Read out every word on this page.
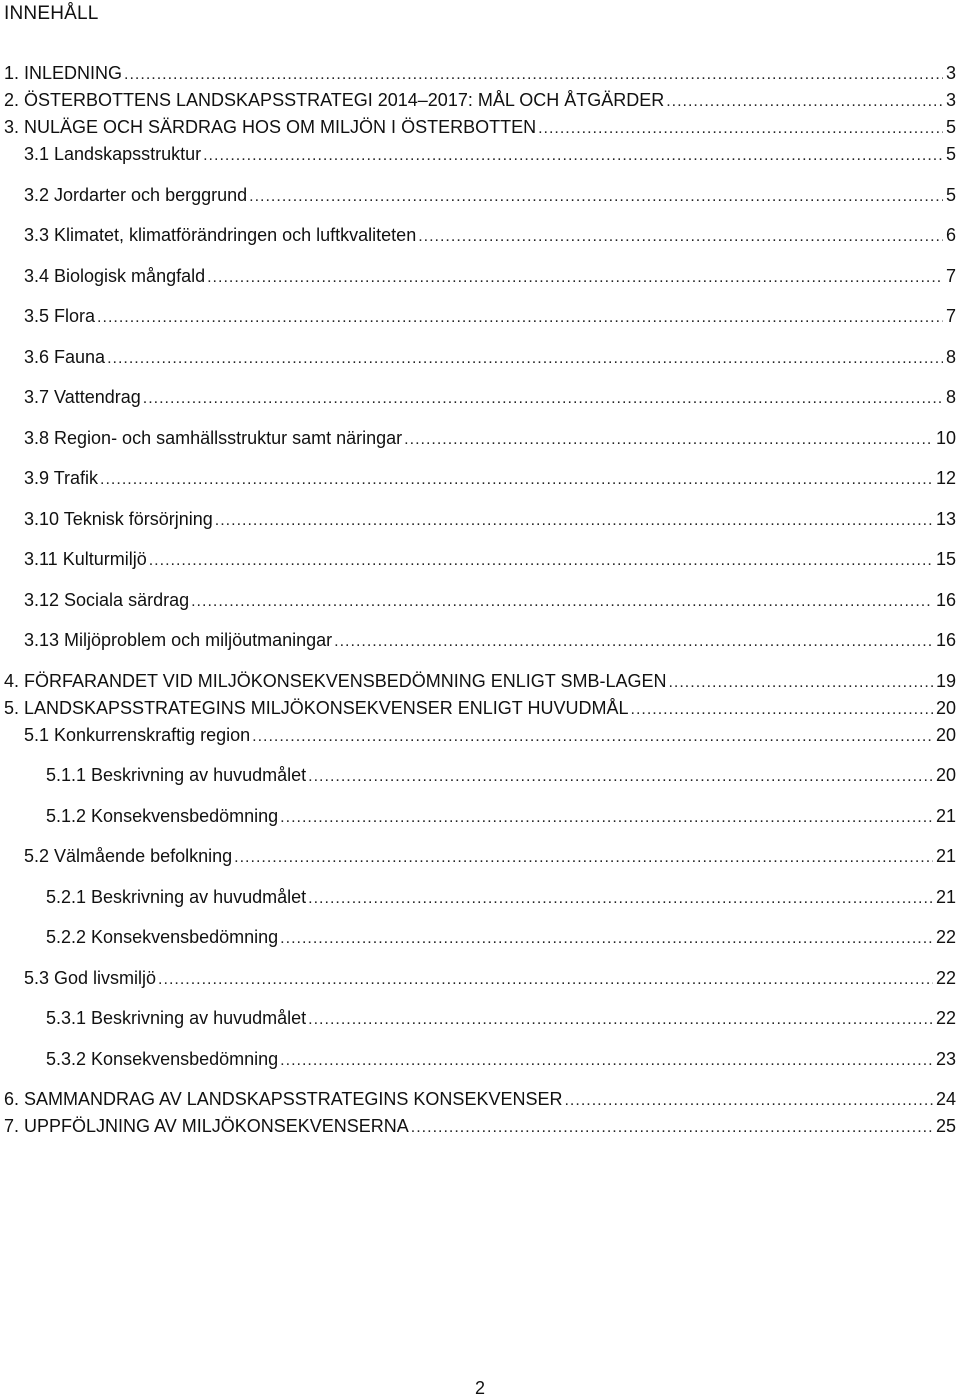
INNEHÅLL
1. INLEDNING .....	3
2. ÖSTERBOTTENS LANDSKAPSSTRATEGI 2014–2017: MÅL OCH ÅTGÄRDER .....	3
3. NULÄGE OCH SÄRDRAG HOS OM MILJÖN I ÖSTERBOTTEN .....	5
3.1 Landskapsstruktur .....	5
3.2 Jordarter och berggrund .....	5
3.3 Klimatet, klimatförändringen och luftkvaliteten .....	6
3.4 Biologisk mångfald .....	7
3.5 Flora .....	7
3.6 Fauna .....	8
3.7 Vattendrag .....	8
3.8 Region- och samhällsstruktur samt näringar .....	10
3.9 Trafik .....	12
3.10 Teknisk försörjning .....	13
3.11 Kulturmiljö .....	15
3.12 Sociala särdrag .....	16
3.13 Miljöproblem och miljöutmaningar .....	16
4. FÖRFARANDET VID MILJÖKONSEKVENSBEDÖMNING ENLIGT SMB-LAGEN .....	19
5. LANDSKAPSSTRATEGINS MILJÖKONSEKVENSER ENLIGT HUVUDMÅL .....	20
5.1 Konkurrenskraftig region .....	20
5.1.1 Beskrivning av huvudmålet .....	20
5.1.2 Konsekvensbedömning .....	21
5.2 Välmående befolkning .....	21
5.2.1 Beskrivning av huvudmålet .....	21
5.2.2 Konsekvensbedömning .....	22
5.3 God livsmiljö .....	22
5.3.1 Beskrivning av huvudmålet .....	22
5.3.2 Konsekvensbedömning .....	23
6. SAMMANDRAG AV LANDSKAPSSTRATEGINS KONSEKVENSER .....	24
7. UPPFÖLJNING AV MILJÖKONSEKVENSERNA .....	25
2
